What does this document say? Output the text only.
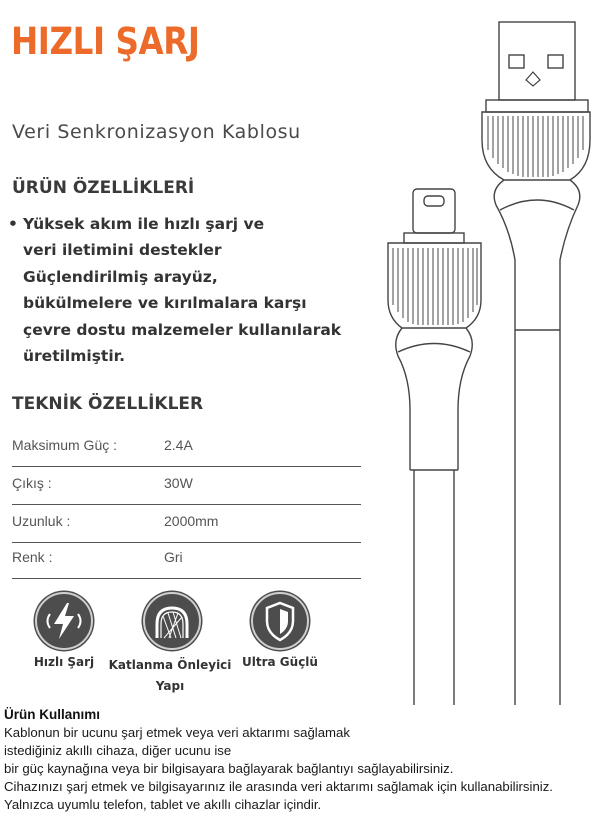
HIZLI ŞARJ
Veri Senkronizasyon Kablosu
ÜRÜN ÖZELLİKLERİ
• Yüksek akım ile hızlı şarj ve
veri iletimini destekler
Güçlendirilmiş arayüz,
bükülmelere ve kırılmalara karşı
çevre dostu malzemeler kullanılarak
üretilmiştir.
TEKNİK ÖZELLİKLER
Maksimum Güç :	2.4A
Çıkış :	30W
Uzunluk :	2000mm
Renk :	Gri
Hızlı Şarj Katlanma Önleyici
Yapı
Ultra Güçlü
Ürün Kullanımı
Kablonun bir ucunu şarj etmek veya veri aktarımı sağlamak
istediğiniz akıllı cihaza, diğer ucunu ise
bir güç kaynağına veya bir bilgisayara bağlayarak bağlantıyı sağlayabilirsiniz.
Cihazınızı şarj etmek ve bilgisayarınız ile arasında veri aktarımı sağlamak için kullanabilirsiniz.
Yalnızca uyumlu telefon, tablet ve akıllı cihazlar içindir.
